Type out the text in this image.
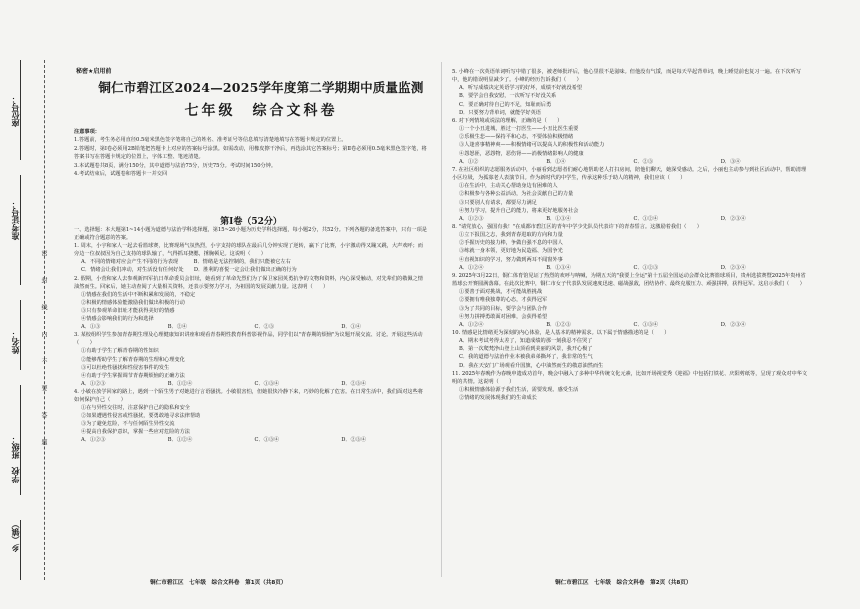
座位号：
准考证号：
姓名：
学校　班级：
乡（镇）
密　　封　　线　　内　　不　　要　　答　　题
秘密★启用前
铜仁市碧江区2024—2025学年度第二学期期中质量监测
七年级　综合文科卷
注意事项：
1.答题前，考生务必用直径0.5毫米黑色签字笔将自己的姓名、准考证号等信息填写清楚地填写在答题卡规定的位置上。
2.答题时，第Ⅰ卷必须用2B铅笔把答题卡上对应的答案标号涂黑。如需改动，用橡皮擦干净后，再选涂其它答案标号；第Ⅱ卷必须用0.5毫米黑色签字笔，将答案书写在答题卡规定的位置上，字体工整、笔迹清楚。
3.本试题卷共8页，满分150分，其中道德与法治75分，历史75分。考试时间150分钟。
4.考试结束后，试题卷和答题卡一并交回
第Ⅰ卷（52分）
一、选择题：本大题第1~14小题为道德与法治学科选择题，第15~26小题为历史学科选择题，每小题2分，共52分。下列各题的备选答案中，只有一项是正确或符合题意的答案。
1. 周末，小宇和家人一起去看篮球赛，比赛现场气氛热烈，小宇支持的球队在最后几分钟实现了逆转，赢下了比赛，小宇激动得又蹦又跳，大声欢呼；而旁边一位叔叔因为自己支持的球队输了，气得抓耳挠腮，捶胸顿足。这说明（　　）
A．不同的情绪对应会产生不同的行为表现　　　B．情绪是无法控制的，我们只能被它左右
C．情绪会让我们冲动，对生活没有任何好处　　D．胜利的喜悦一定会让我们做出正确的行为
2. 假期，小萱和家人去参观新四军抗日革命委员会旧址，她看到了革命先烈们为了保卫家园英勇抗争的文物和资料，内心深受触动，对先辈们的敬佩之情油然而生。回家后，她主动查阅了大量相关资料，还表示要努力学习，为祖国的发展贡献力量。这表明（　　）
①情感在我们的生活中不断积累和发展的，不稳定
②积极的情感体验能激励我们做出积极的行动
③只有参观革命旧址才能获得美好的情感
④情感会影响我们的行为和选择
A．①③	B．②④	C．②③	D．①④
3. 某校组织学生参加青春期生理及心理健康知识讲座和观看青春期性教育科普影视作品，同学们以"青春期的烦恼"为议题开展交流、讨论。开展这些活动（　　）
①有助于学生了解青春期的性知识
②能够帮助学生了解青春期的生理和心理变化
③可以杜绝性骚扰和性侵害事件的发生
④有助于学生掌握调节青春期烦恼的正确方法
A．①②③	B．①②④	C．①③④	D．②③④
4. 小敏在放学回家的路上，遇到一个陌生男子对她进行言语骚扰。小敏很害怕，但她很快冷静下来，巧妙的化解了危害。在日常生活中，我们面对这些将如何保护自己（　　）
①在与异性交往时，注意保护自己的隐私和安全
②如果遭遇性侵害或性骚扰，要勇敢地寻求法律帮助
③为了避免危险，不与任何陌生异性交流
④提高自我保护意识，掌握一些应对危险的方法
A．①②③	B．①②④	C．①③④	D．②③④
5. 小峰在一次英语单词听写中错了很多，被老师批评后，他心里很不是滋味。但他没有气馁，而是每天早起背单词，晚上睡觉前也复习一遍。在下次听写中，他的错误明显减少了。小峰的经历告诉我们（　　）
A．听写成绩决定英语学习的好坏，成绩不好就没希望
B．要学会自我安慰，一次听写不好没关系
C．要正确对待自己的不足，知耻而后勇
D．只要努力背单词，就能学好英语
6. 对下列情境或说法的理解，正确的是（　　）
①一个小丑进城，胜过一打医生——小丑比医生重要
②乐极生悲——保持平和心态，不要体验积极情绪
③人逢喜事精神爽——积极情绪可以提高人的积极性和活动能力
④怨怒匪，恶怨物，恶伤肾——消极情绪影响人的健康
A．①②	B．①④	C．②③	D．③④
7. 在社区组织的志愿服务活动中，小丽看到志愿者们耐心地帮助老人打扫房间，陪他们聊天，她深受感动。之后，小丽也主动参与到社区活动中，帮助清理小区垃圾，为孤寡老人表演节目。作为新时代的中学生，传承这种乐于助人的精神，我们应该（　　）
①在生活中，主动关心帮助身边有困难的人
②积极参与各种公益活动，为社会贡献自己的力量
③只要别人有请求，都要尽力满足
④努力学习，提升自己的能力，将来更好地服务社会
A．①②③	B．①③④	C．①②④	D．②③④
8. "请党放心，强国有我！"在成都市碧江区的青年中学少先队员代表许下的青春誓言。这激励着我们（　　）
①立下报国之志，我到青春进取的方向和力量
②手握历史的接力棒，争做自强不息的中国人
③练就一身本领，更好地为民造福、为国争光
④直视知识的学习，努力做到两耳不闻窗外事
A．①②④	B．①③④	C．①②③	D．②③④
9. 2025年3月22日，铜仁体育馆见证了热烈的欢呼与呐喊，为期五天的"我要上全运"第十五届全国运动会群众比赛篮球项目，贵州选拔赛暨2025年贵州省篮球公开赛圆满落幕。在此次比赛中，铜仁市女子代表队发展速度迅速、磁战强敌，团结协作、最终克服压力、顽强拼搏，获得冠军。这启示我们（　　）
①要善于面对挑战，才可能战胜挑战
②要拥有唯我独尊的心态，才获得冠军
③为了共同的目标，要学会与团队合作
④努力拼搏勇敢面对困难，会获得希望
A．①②④	B．①②③	C．①③④	D．②③④
10. 情感是比情绪更为深刻的内心体验，是人基本的精神需求。以下属于情感描述的是（　　）
A．期末考试考得太差了，知道成绩的那一刻我忍不住哭了
B．第一次爬梵净山登上山顶看到美丽的风景，我开心极了
C．我的道德与法治作业本被我弟弟撕坏了，我非常的生气
D．我在天安门广场观看升国旗，心中油然而生的敬意油然而生
11. 2025年春晚作为春晚申遗成功首年，晚会中融入了多种中华传统文化元素，比如开场视觉秀《迎福》中包括打铁花、庆阳剪纸等，呈现了观众对中华文明的共情。这说明（　　）
①积极情感体验源于我们生活，需要发现、感受生活
②情绪的发展体现我们的生命成长
铜仁市碧江区　七年级　综合文科卷　第1页（共8页）	铜仁市碧江区　七年级　综合文科卷　第2页（共8页）
